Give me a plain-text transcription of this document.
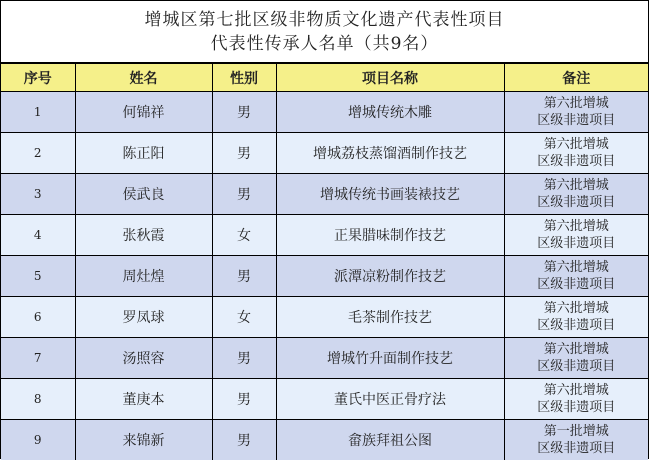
增城区第七批区级非物质文化遗产代表性项目
代表性传承人名单（共9名）
序号	姓名	性别	项目名称	备注
1	何锦祥	男	增城传统木雕	第六批增城
区级非遗项目

2	陈正阳	男	增城荔枝蒸馏酒制作技艺	第六批增城
区级非遗项目

3	侯武良	男	增城传统书画装裱技艺	第六批增城
区级非遗项目

4	张秋霞	女	正果腊味制作技艺	第六批增城
区级非遗项目

5	周灶煌	男	派潭凉粉制作技艺	第六批增城
区级非遗项目

6	罗凤球	女	毛茶制作技艺	第六批增城
区级非遗项目

7	汤照容	男	增城竹升面制作技艺	第六批增城
区级非遗项目

8	董庚本	男	董氏中医正骨疗法	第六批增城
区级非遗项目

9	来锦新	男	畲族拜祖公图	第一批增城
区级非遗项目
